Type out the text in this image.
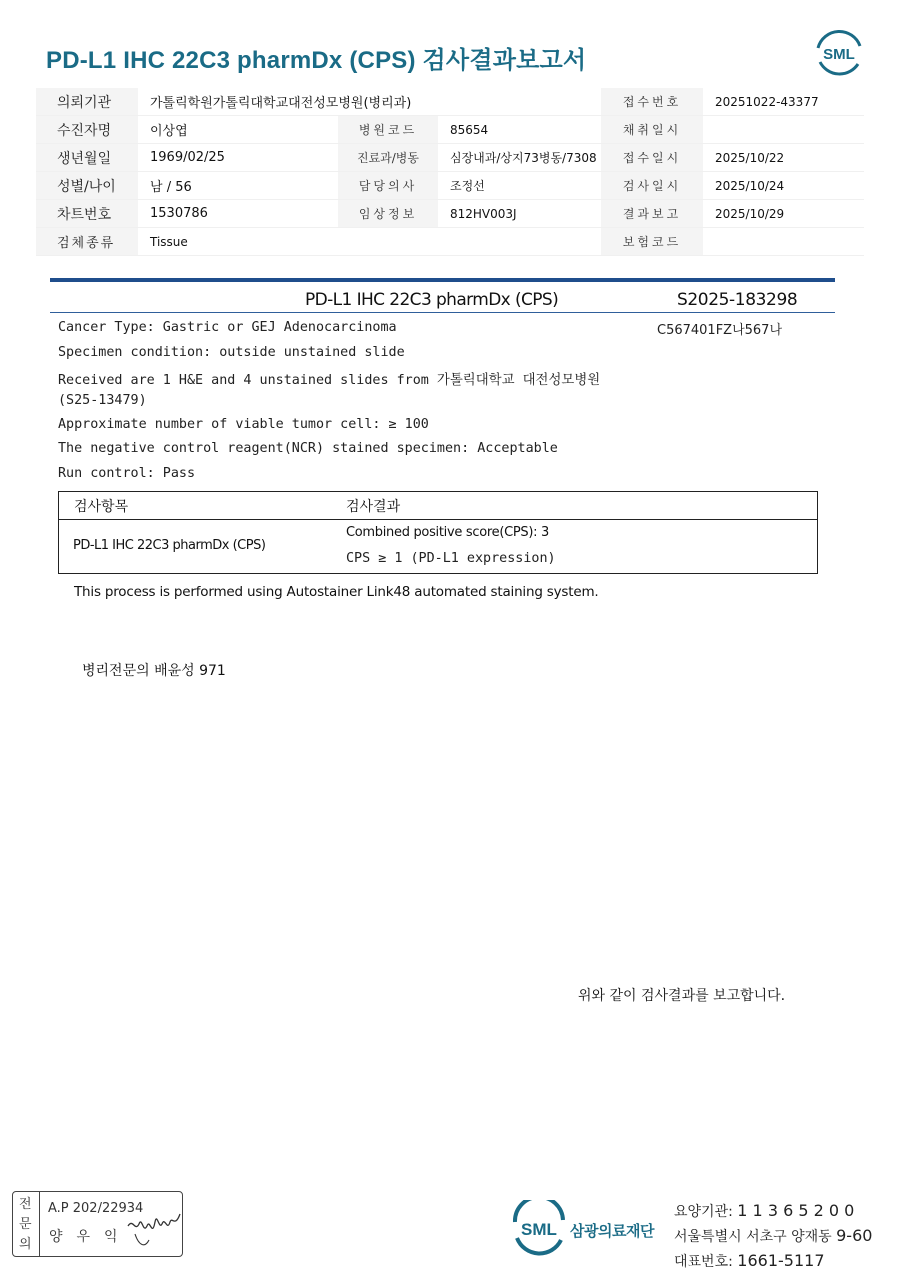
PD-L1 IHC 22C3 pharmDx (CPS) 검사결과보고서	SML
의뢰기관	가톨릭학원가톨릭대학교대전성모병원(병리과)			접수번호	20251022-43377
수진자명	이상엽	병원코드	85654	채취일시	
생년월일	1969/02/25	진료과/병동	심장내과/상지73병동/7308	접수일시	2025/10/22
성별/나이	남 / 56	담당의사	조정선	검사일시	2025/10/24
차트번호	1530786	임상정보	812HV003J	결과보고	2025/10/29
검체종류	Tissue			보험코드	
PD-L1 IHC 22C3 pharmDx (CPS)	S2025-183298
C567401FZ나567나
Cancer Type: Gastric or GEJ Adenocarcinoma
Specimen condition: outside unstained slide
Received are 1 H&E and 4 unstained slides from 가톨릭대학교 대전성모병원
(S25-13479)
Approximate number of viable tumor cell: ≥ 100
The negative control reagent(NCR) stained specimen: Acceptable
Run control: Pass
검사항목	검사결과
PD-L1 IHC 22C3 pharmDx (CPS)
Combined positive score(CPS): 3
CPS ≥ 1 (PD-L1 expression)
This process is performed using Autostainer Link48 automated staining system.
병리전문의 배윤성 971
위와 같이 검사결과를 보고합니다.
전문의
A.P 202/22934
양우익	SML 삼광의료재단
요양기관: 1 1 3 6 5 2 0 0
서울특별시 서초구 양재동 9-60
대표번호: 1661-5117
